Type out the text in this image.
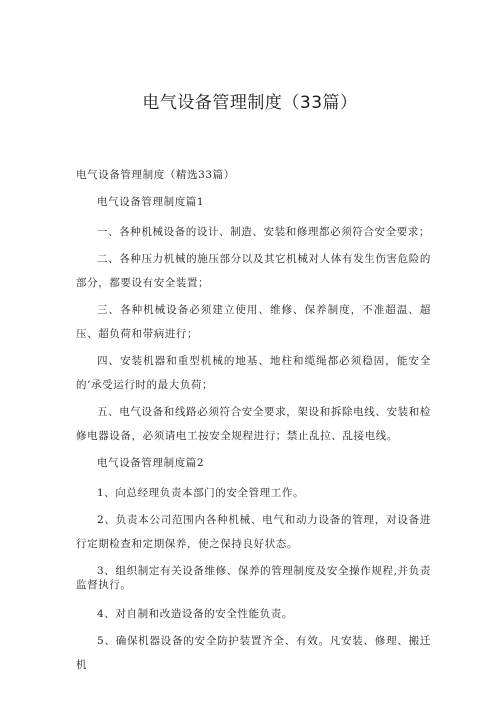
电气设备管理制度（33篇）

电气设备管理制度（精选33篇）

电气设备管理制度篇1

一、各种机械设备的设计、制造、安装和修理都必须符合安全要求；

二、各种压力机械的施压部分以及其它机械对人体有发生伤害危险的部分，都要设有安全装置；

三、各种机械设备必须建立使用、维修、保养制度，不准超温、超压、超负荷和带病进行；

四、安装机器和重型机械的地基、地柱和缆绳都必须稳固，能安全的’承受运行时的最大负荷；

五、电气设备和线路必须符合安全要求，架设和拆除电线、安装和检修电器设备，必须请电工按安全规程进行；禁止乱拉、乱接电线。

电气设备管理制度篇2

1、向总经理负责本部门的安全管理工作。

2、负责本公司范围内各种机械、电气和动力设备的管理，对设备进行定期检查和定期保养，使之保持良好状态。

3、组织制定有关设备维修、保养的管理制度及安全操作规程,并负责监督执行。

4、对自制和改造设备的安全性能负责。

5、确保机器设备的安全防护装置齐全、有效。凡安装、修理、搬迁机
